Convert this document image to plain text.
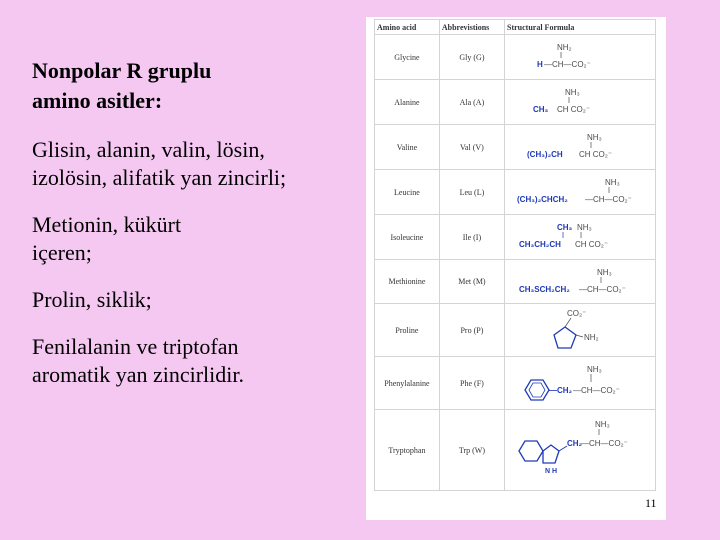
Nonpolar R gruplu amino asitler:
Glisin, alanin, valin, lösin, izolösin, alifatik yan zincirli;
Metionin, kükürt içeren;
Prolin, siklik;
Fenilalanin ve triptofan aromatik yan zincirlidir.
Amino acid	Abbrevistions	Structural Formula
Glycine	Gly (G)	NH₂
H —CH—CO₂⁻

Alanine	Ala (A)	NH₃
CH₃ CH CO₂⁻

Valine	Val (V)	NH₃
(CH₃)₂CH CH CO₂⁻

Leucine	Leu (L)	NH₃
(CH₃)₂CHCH₂ —CH—CO₂⁻

Isoleucine	Ile (I)	CH₃ NH₃
CH₃CH₂CH CH CO₂⁻

Methionine	Met (M)	NH₃
CH₃SCH₂CH₂ —CH—CO₂⁻

Proline	Pro (P)	CO₂⁻
NH₂

Phenylalanine	Phe (F)	NH₃
—CH₂ —CH—CO₂⁻

Tryptophan	Trp (W)	NH₃
CH₂
—CH—CO₂⁻
N H
11
